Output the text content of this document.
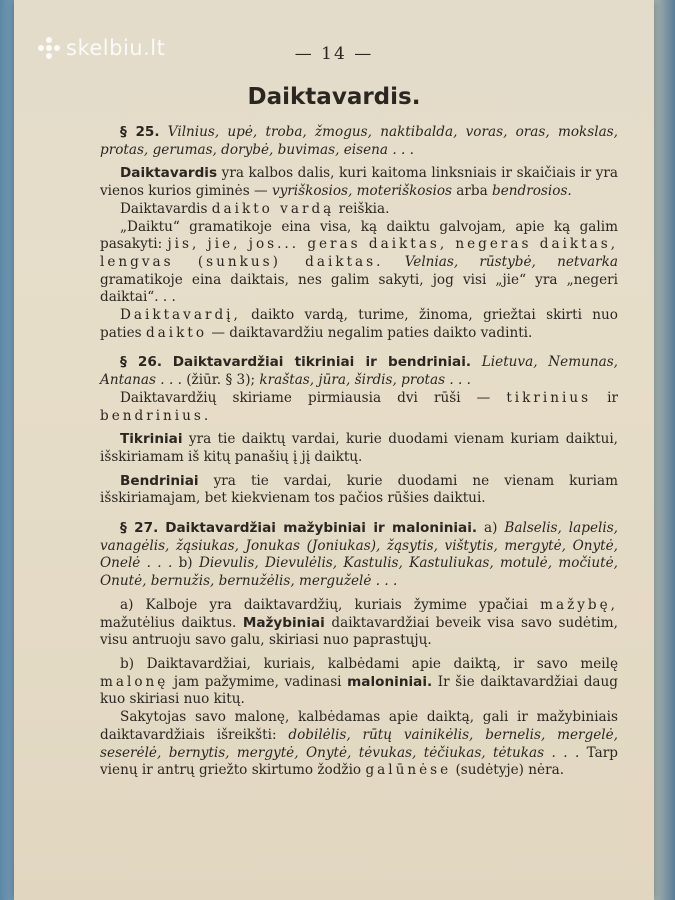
skelbiu.lt	— 14 —
Daiktavardis.

§ 25. Vilnius, upė, troba, žmogus, naktibalda, voras, oras, mokslas, protas, gerumas, dorybė, buvimas, eisena . . .

Daiktavardis yra kalbos dalis, kuri kaitoma linksniais ir skaičiais ir yra vienos kurios giminės — vyriškosios, moteriškosios arba bendrosios.

Daiktavardis daikto vardą reiškia.

„Daiktu“ gramatikoje eina visa, ką daiktu galvojam, apie ką galim pasakyti: jis, jie, jos... geras daiktas, negeras daiktas, lengvas (sunkus) daiktas. Velnias, rūstybė, netvarka gramatikoje eina daiktais, nes galim sakyti, jog visi „jie“ yra „negeri daiktai“. . .

Daiktavardį, daikto vardą, turime, žinoma, griežtai skirti nuo paties daikto — daiktavardžiu negalim paties daikto vadinti.

§ 26. Daiktavardžiai tikriniai ir bendriniai. Lietuva, Nemunas, Antanas . . . (žiūr. § 3); kraštas, jūra, širdis, protas . . .

Daiktavardžių skiriame pirmiausia dvi rūši — tikrinius ir bendrinius.

Tikriniai yra tie daiktų vardai, kurie duodami vienam kuriam daiktui, išskiriamam iš kitų panašių į jį daiktų.

Bendriniai yra tie vardai, kurie duodami ne vienam kuriam išskiriamajam, bet kiekvienam tos pačios rūšies daiktui.

§ 27. Daiktavardžiai mažybiniai ir maloniniai. a) Balselis, lapelis, vanagėlis, žąsiukas, Jonukas (Joniukas), žąsytis, vištytis, mergytė, Onytė, Onelė . . . b) Dievulis, Dievulėlis, Kastulis, Kastuliukas, motulė, močiutė, Onutė, bernužis, bernužėlis, merguželė . . .

a) Kalboje yra daiktavardžių, kuriais žymime ypačiai mažybę, mažutėlius daiktus. Mažybiniai daiktavardžiai beveik visa savo sudėtim, visu antruoju savo galu, skiriasi nuo paprastųjų.

b) Daiktavardžiai, kuriais, kalbėdami apie daiktą, ir savo meilę malonę jam pažymime, vadinasi maloniniai. Ir šie daiktavardžiai daug kuo skiriasi nuo kitų.

Sakytojas savo malonę, kalbėdamas apie daiktą, gali ir mažybiniais daiktavardžiais išreikšti: dobilėlis, rūtų vainikėlis, bernelis, mergelė, seserėlė, bernytis, mergytė, Onytė, tėvukas, tėčiukas, tėtukas . . . Tarp vienų ir antrų griežto skirtumo žodžio galūnėse (sudėtyje) nėra.
